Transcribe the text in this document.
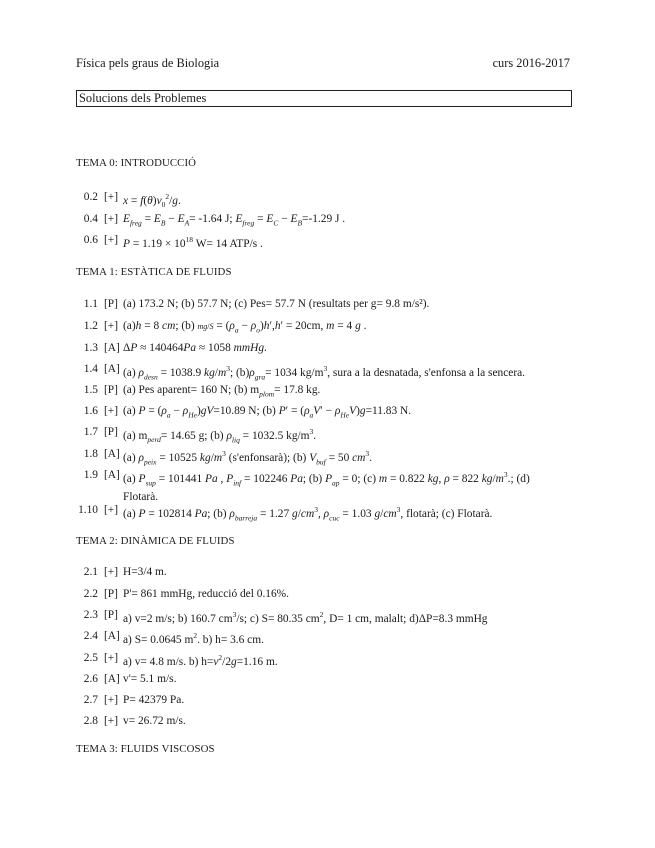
Física pels graus de Biologia	curs 2016-2017
Solucions dels Problemes
TEMA 0: INTRODUCCIÓ
0.2 [+] $x = f(\theta)v_0^2/g$.
0.4 [+] $E_{freg} = E_B - E_A= -1.64$ J; $E_{freg} = E_C - E_B=-1.29$ J .
0.6 [+] $P = 1.19 \times 10^{18}$ W= 14 ATP/s .
TEMA 1: ESTÀTICA DE FLUIDS
1.1 [P] (a) 173.2 N; (b) 57.7 N; (c) Pes= 57.7 N (resultats per g= 9.8 m/s²).
1.2 [+] (a)h = 8 cm; (b) $mg/S = (\rho_a - \rho_o)h',h' = 20cm$, m = 4 g .
1.3 [A] ΔP ≈ 140464Pa ≈ 1058 mmHg.
1.4 [A] (a) $\rho_{desn} = 1038.9$ $kg/m^3$; $(b)\rho_{gra}= 1034$ $kg/m^3$, sura a la desnatada, s'enfonsa a la sencera.
1.5 [P] (a) Pes aparent= 160 N; (b) $m_{plom}= 17.8$ kg.
1.6 [+] (a) $P = (\rho_a - \rho_{He})gV=10.89$ N; (b) $P' = (\rho_aV' - \rho_{He}V)g=11.83$ N.
1.7 [P] (a) $m_{perd}= 14.65$ g; (b) $\rho_{liq} = 1032.5$ $kg/m^3$.
1.8 [A] (a) $\rho_{peix} = 10525$ $kg/m^3$ (s'enfonsarà); (b) $V_{buf} = 50$ $cm^3$.
1.9 [A] (a) $P_{sup} = 101441$ Pa , $P_{inf} = 102246$ Pa; (b) $P_{ap} = 0$; (c) m = 0.822 kg, ρ = 822 $kg/m^3$.; (d)
Flotarà.
1.10 [+] (a) P = 102814 Pa; (b) $\rho_{barreja} = 1.27$ $g/cm^3$, $\rho_{cuc} = 1.03$ $g/cm^3$, flotarà; (c) Flotarà.
TEMA 2: DINÀMICA DE FLUIDS
2.1 [+] H=3/4 m.
2.2 [P] P'= 861 mmHg, reducció del 0.16%.
2.3 [P] a) v=2 m/s; b) 160.7 $cm^3/s$; c) S= 80.35 $cm^2$, D= 1 cm, malalt; d)ΔP=8.3 mmHg
2.4 [A] a) S= 0.0645 $m^2$. b) h= 3.6 cm.
2.5 [+] a) v= 4.8 m/s. b) $h=v^2/2g=1.16$ m.
2.6 [A] v'= 5.1 m/s.
2.7 [+] P= 42379 Pa.
2.8 [+] v= 26.72 m/s.
TEMA 3: FLUIDS VISCOSOS
